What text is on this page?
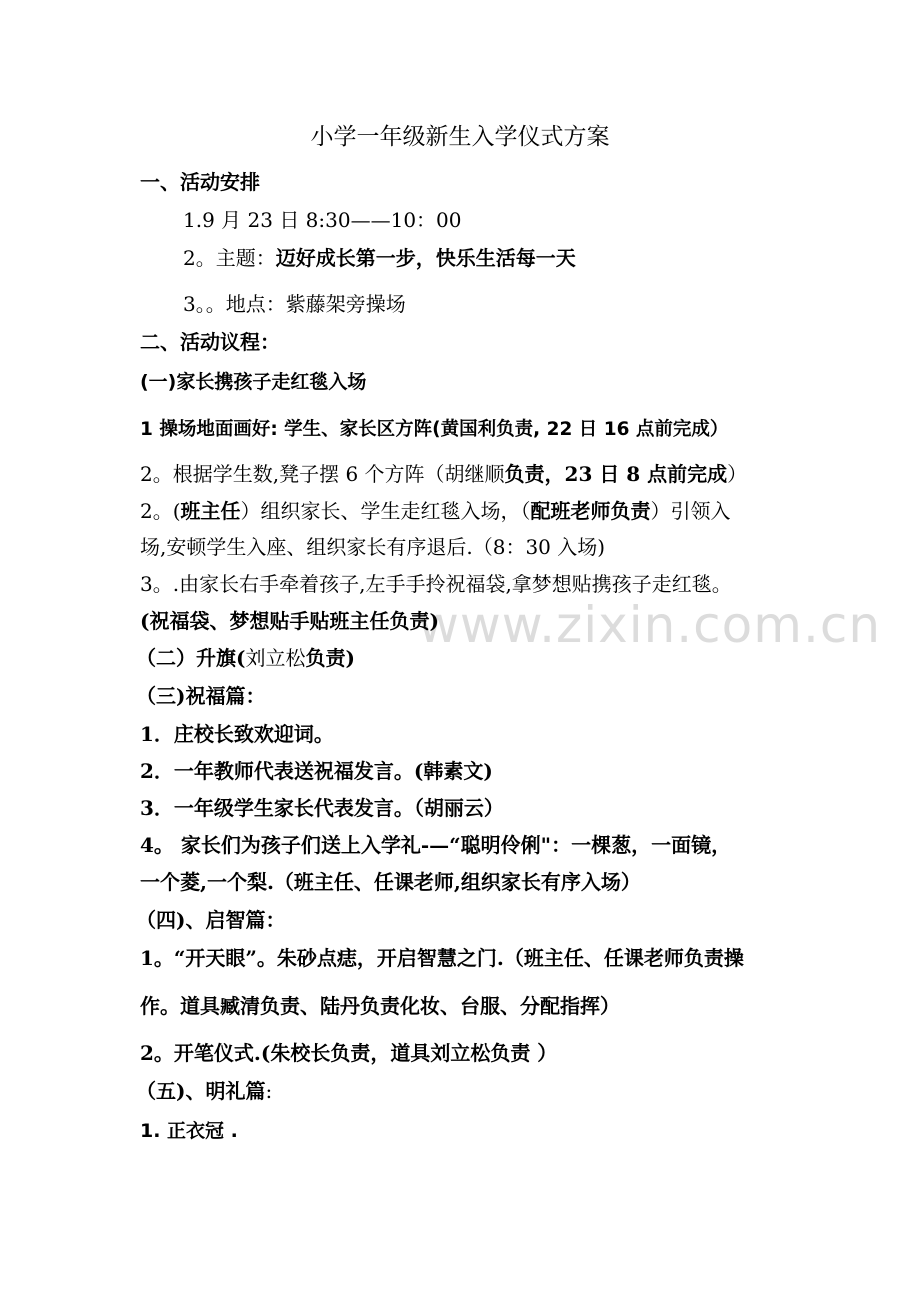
www.zixin.com.cn
小学一年级新生入学仪式方案
一、活动安排
1.9 月 23 日 8:30——10：00
2。主题：迈好成长第一步，快乐生活每一天
3。。地点：紫藤架旁操场
二、活动议程：
(一)家长携孩子走红毯入场
1 操场地面画好: 学生、家长区方阵(黄国利负责, 22 日 16 点前完成）
2。根据学生数,凳子摆 6 个方阵（胡继顺负责，23 日 8 点前完成）
2。(班主任）组织家长、学生走红毯入场，（配班老师负责）引领入
场,安顿学生入座、组织家长有序退后.（8：30 入场)
3。.由家长右手牵着孩子,左手手拎祝福袋,拿梦想贴携孩子走红毯。
(祝福袋、梦想贴手贴班主任负责)
（二）升旗(刘立松负责)
（三)祝福篇：
1．庄校长致欢迎词。
2．一年教师代表送祝福发言。(韩素文)
3．一年级学生家长代表发言。（胡丽云）
4。 家长们为孩子们送上入学礼-—“聪明伶俐"：一棵葱，一面镜，
一个菱,一个梨.（班主任、任课老师,组织家长有序入场）
（四)、启智篇：
1。“开天眼”。朱砂点痣，开启智慧之门.（班主任、任课老师负责操
作。道具臧清负责、陆丹负责化妆、台服、分配指挥）
2。开笔仪式.(朱校长负责，道具刘立松负责 ）
（五)、明礼篇:
1. 正衣冠 .
